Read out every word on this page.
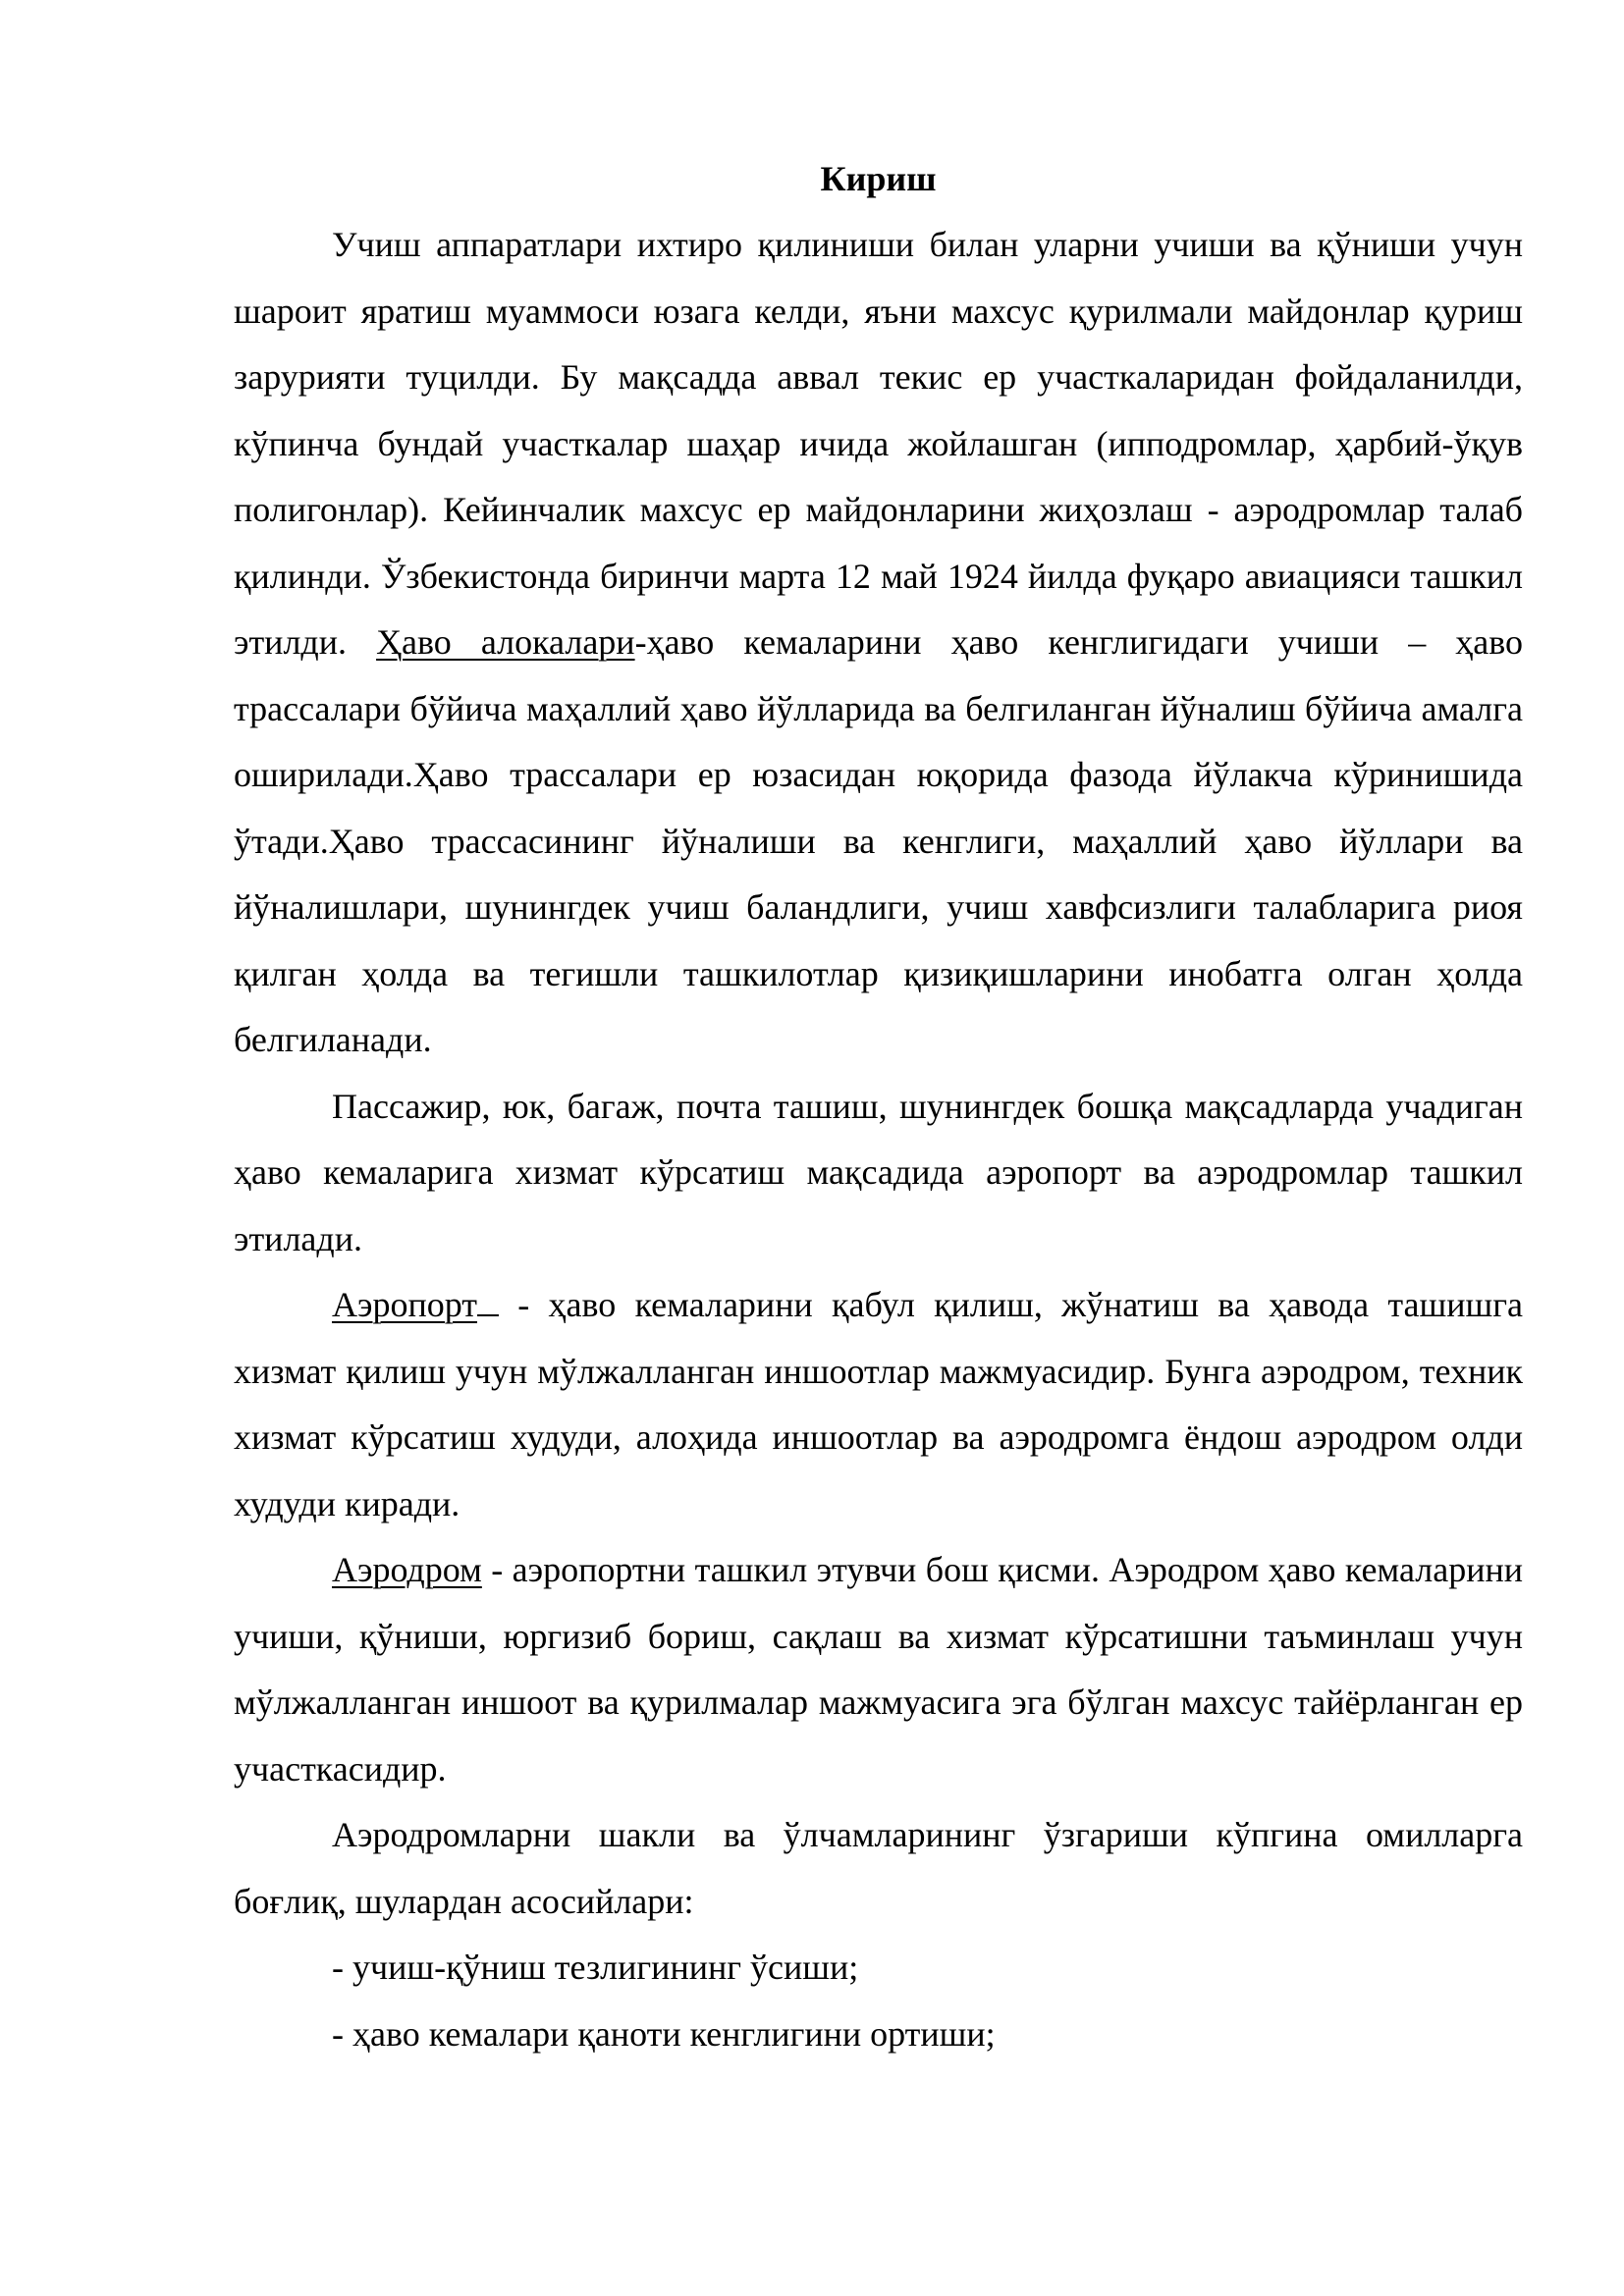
Кириш

Учиш аппаратлари ихтиро қилиниши билан уларни учиши ва қўниши учун шароит яратиш муаммоси юзага келди, яъни махсус қурилмали майдонлар қуриш зарурияти туцилди. Бу мақсадда аввал текис ер участкаларидан фойдаланилди, кўпинча бундай участкалар шаҳар ичида жойлашган (ипподромлар, ҳарбий-ўқув полигонлар). Кейинчалик махсус ер майдонларини жиҳозлаш - аэродромлар талаб қилинди. Ўзбекистонда биринчи марта 12 май 1924 йилда фуқаро авиацияси ташкил этилди. Ҳаво алокалари-ҳаво кемаларини ҳаво кенглигидаги учиши – ҳаво трассалари бўйича маҳаллий ҳаво йўлларида ва белгиланган йўналиш бўйича амалга оширилади.Ҳаво трассалари ер юзасидан юқорида фазода йўлакча кўринишида ўтади.Ҳаво трассасининг йўналиши ва кенглиги, маҳаллий ҳаво йўллари ва йўналишлари, шунингдек учиш баландлиги, учиш хавфсизлиги талабларига риоя қилган ҳолда ва тегишли ташкилотлар қизиқишларини инобатга олган ҳолда белгиланади.

Пассажир, юк, багаж, почта ташиш, шунингдек бошқа мақсадларда учадиган ҳаво кемаларига хизмат кўрсатиш мақсадида аэропорт ва аэродромлар ташкил этилади.

Аэропорт - ҳаво кемаларини қабул қилиш, жўнатиш ва ҳаводa ташишга хизмат қилиш учун мўлжалланган иншоотлар мажмуасидир. Бунга аэродром, техник хизмат кўрсатиш худуди, алоҳида иншоотлар ва аэродромга ёндош аэродром олди худуди киради.

Аэродром - аэропортни ташкил этувчи бош қисми. Аэродром ҳаво кемаларини учиши, қўниши, юргизиб бориш, сақлаш ва хизмат кўрсатишни таъминлаш учун мўлжалланган иншоот ва қурилмалар мажмуасига эга бўлган махсус тайёрланган ер участкасидир.

Аэродромларни шакли ва ўлчамларининг ўзгариши кўпгина омилларга боғлиқ, шулардан асосийлари:

- учиш-қўниш тезлигининг ўсиши;

- ҳаво кемалари қаноти кенглигини ортиши;
